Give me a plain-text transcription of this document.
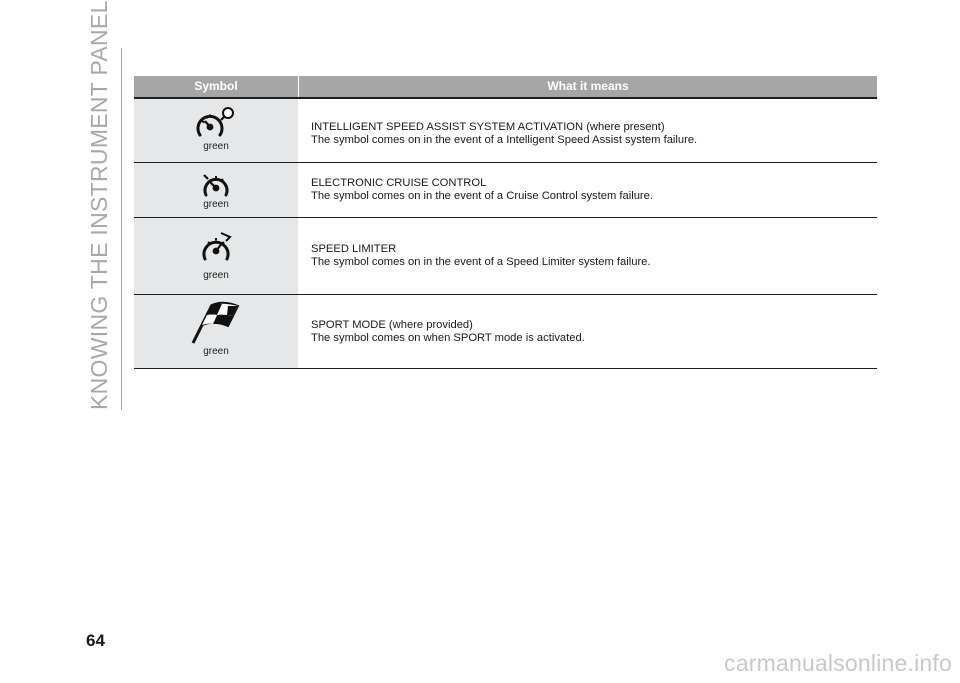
KNOWING THE INSTRUMENT PANEL	Symbol	What it means
green
INTELLIGENT SPEED ASSIST SYSTEM ACTIVATION (where present)
The symbol comes on in the event of a Intelligent Speed Assist system failure.
green
ELECTRONIC CRUISE CONTROL
The symbol comes on in the event of a Cruise Control system failure.
green
SPEED LIMITER
The symbol comes on in the event of a Speed Limiter system failure.
green
SPORT MODE (where provided)
The symbol comes on when SPORT mode is activated.
64
carmanualsonline.info
